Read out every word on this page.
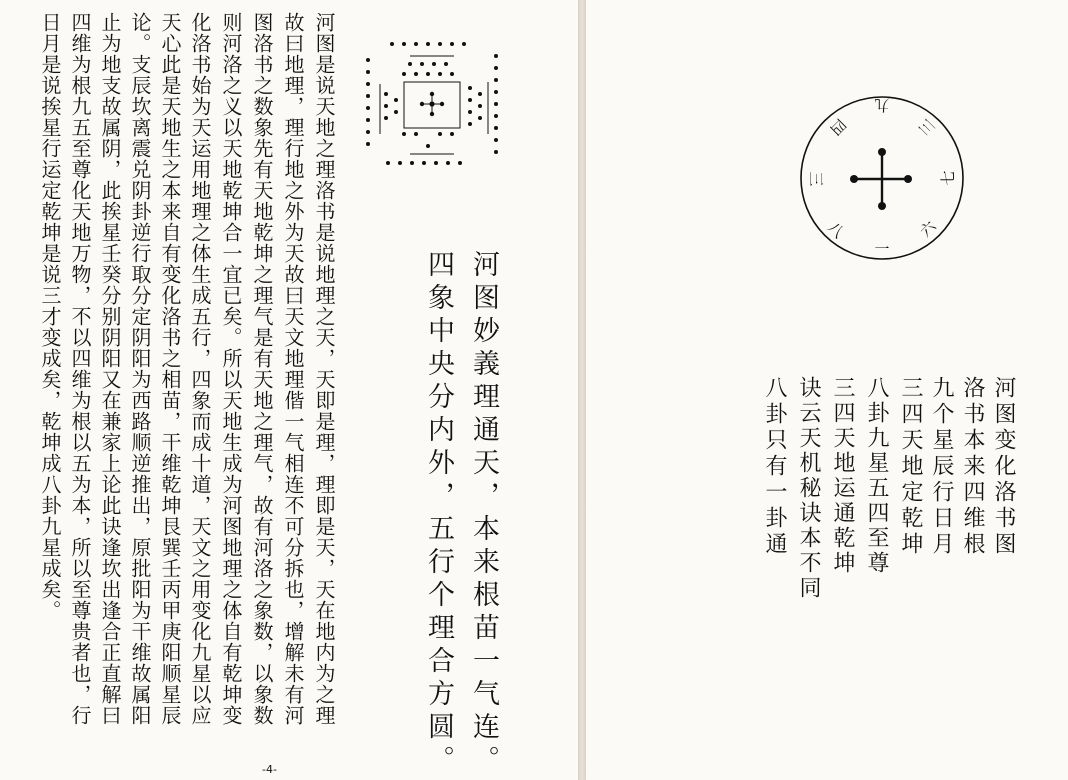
河图妙義理通天，本来根苗一气连。
四象中央分内外，五行个理合方圆。
河图是说天地之理洛书是说地理之天，天即是理，理即是天，天在地内为之理
故曰地理，理行地之外为天故曰天文地理偕一气相连不可分拆也，增解未有河
图洛书之数象先有天地乾坤之理气是有天地之理气，故有河洛之象数，以象数
则河洛之义以天地乾坤合一宜已矣。所以天地生成为河图地理之体自有乾坤变
化洛书始为天运用地理之体生成五行，四象而成十道，天文之用变化九星以应
天心此是天地生之本来自有变化洛书之相苗，干维乾坤艮巽壬丙甲庚阳顺星辰
论。支辰坎离震兑阴卦逆行取分定阴阳为西路顺逆推出，原批阳为干维故属阳
止为地支故属阴，此挨星壬癸分别阴阳又在兼家上论此诀逢坎出逢合正直解曰
四维为根九五至尊化天地万物，不以四维为根以五为本，所以至尊贵者也，行
日月是说挨星行运定乾坤是说三才变成矣，乾坤成八卦九星成矣。
-4-
九
三
七
六
一
八
三
四
河图变化洛书图
洛书本来四维根
九个星辰行日月
三四天地定乾坤
八卦九星五四至尊
三四天地运通乾坤
诀云天机秘诀本不同
八卦只有一卦通
